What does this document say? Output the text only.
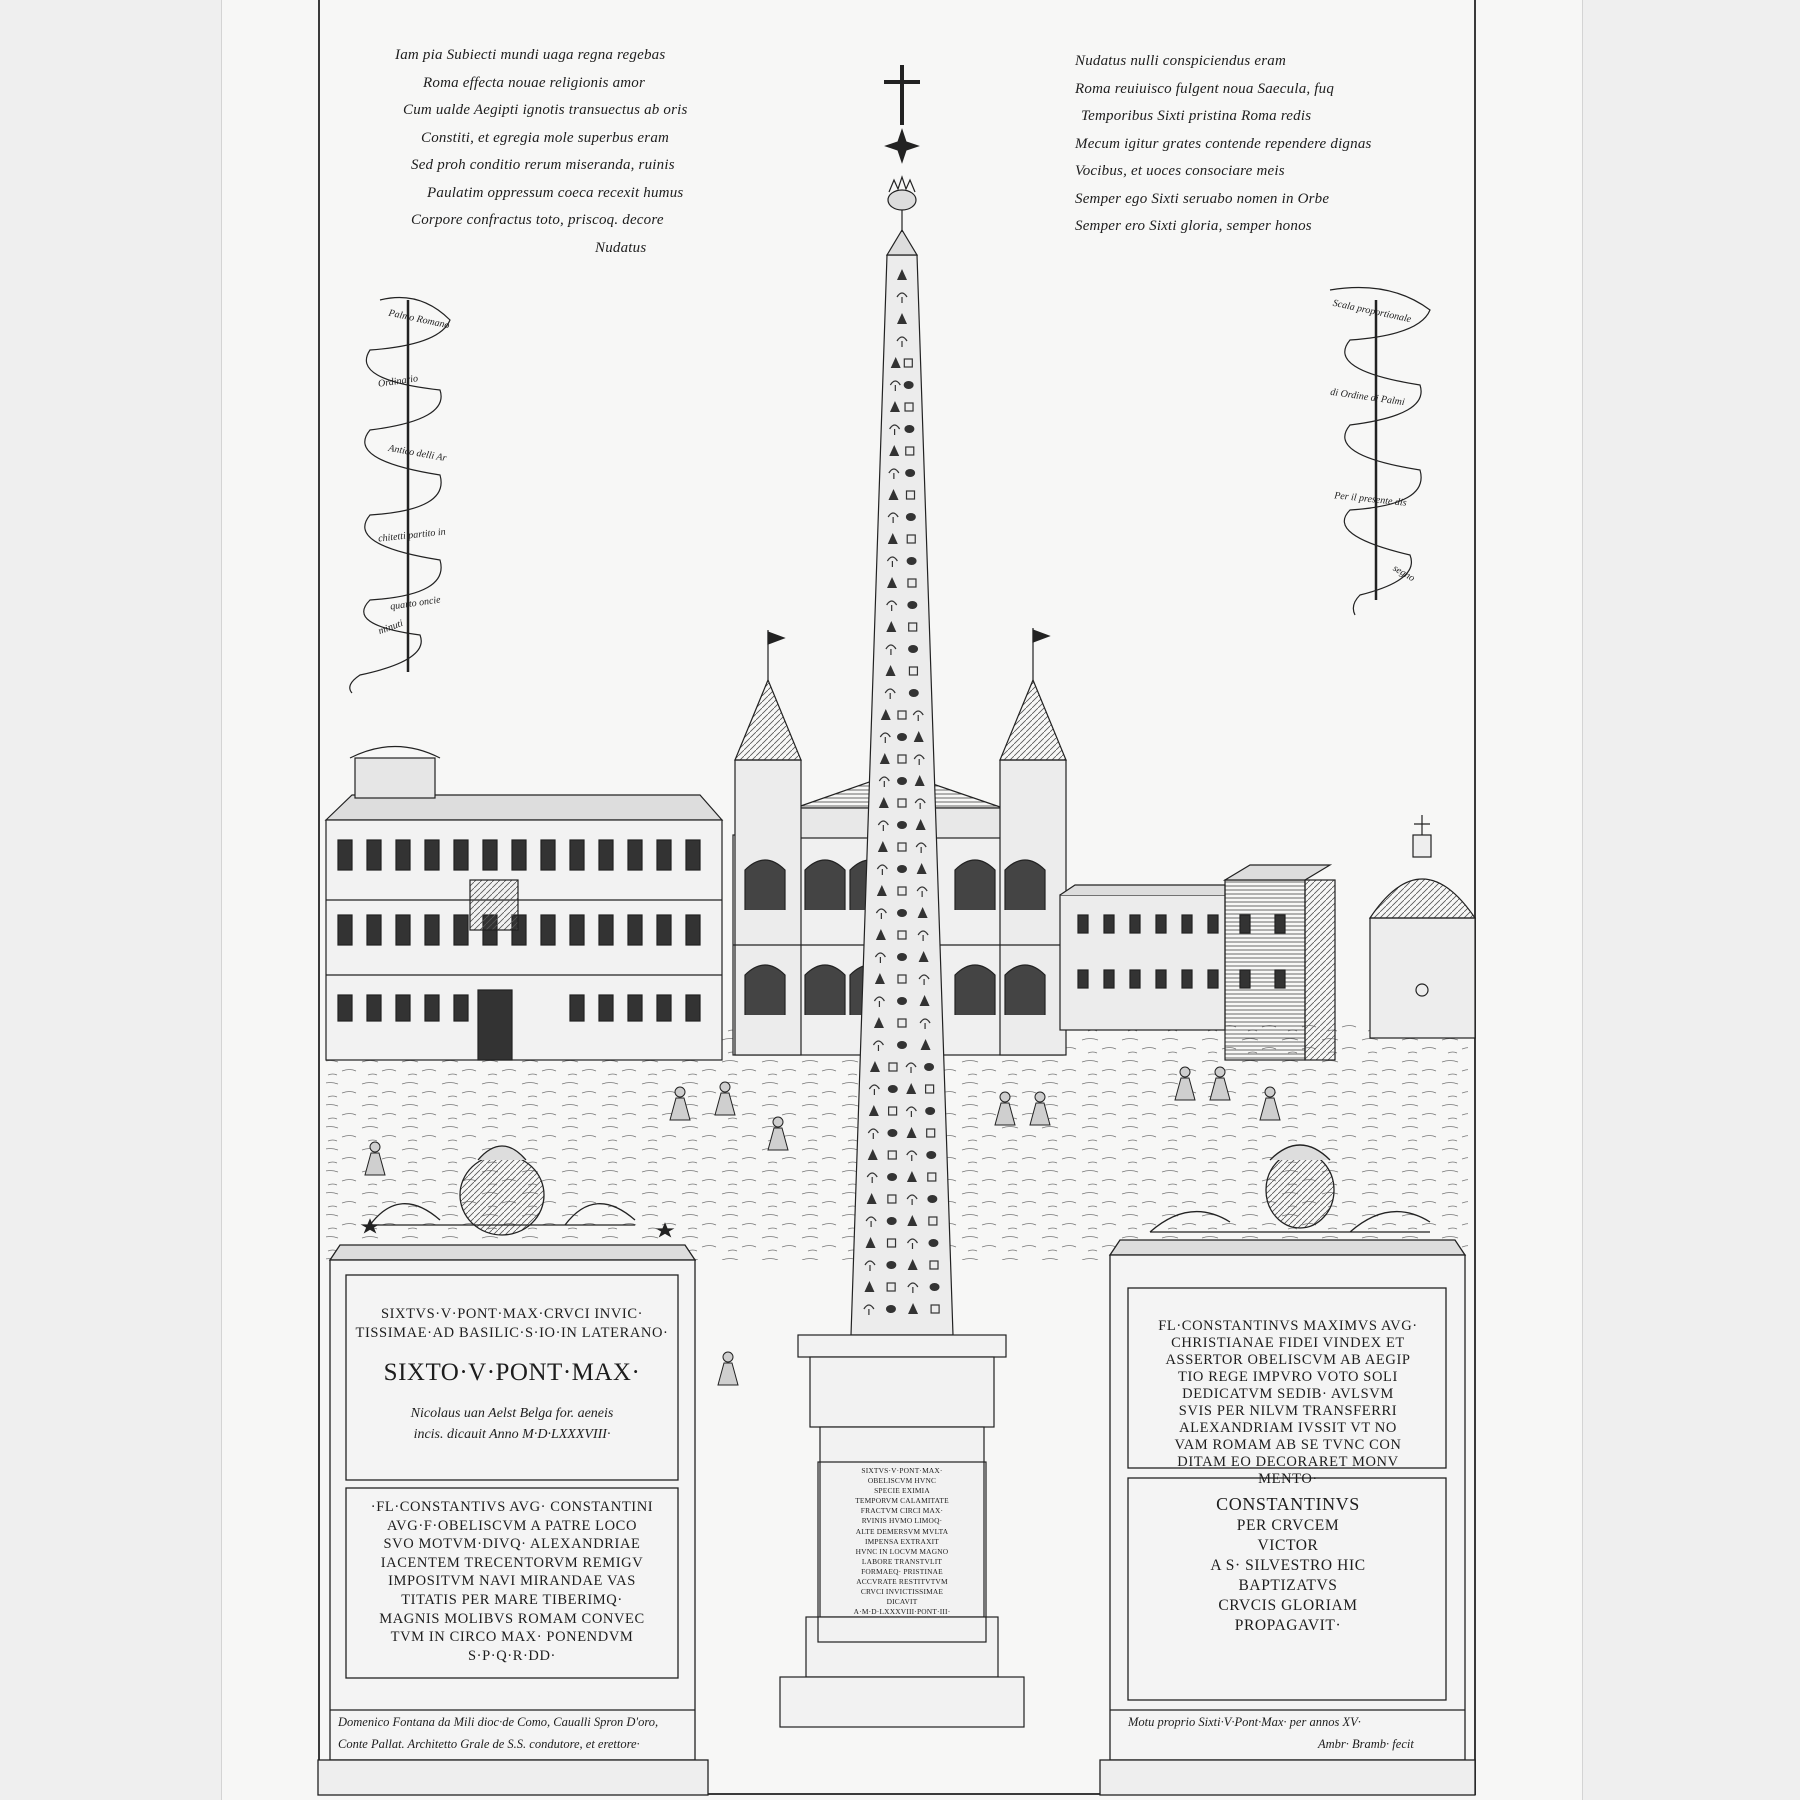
Iam pia Subiecti mundi uaga regna regebas
Roma effecta nouae religionis amor
Cum ualde Aegipti ignotis transuectus ab oris
Constiti, et egregia mole superbus eram
Sed proh conditio rerum miseranda, ruinis
Paulatim oppressum coeca recexit humus
Corpore confractus toto, priscoq. decore
Nudatus
Nudatus nulli conspiciendus eram
Roma reuiuisco fulgent noua Saecula, fuq
Temporibus Sixti pristina Roma redis
Mecum igitur grates contende rependere dignas
Vocibus, et uoces consociare meis
Semper ego Sixti seruabo nomen in Orbe
Semper ero Sixti gloria, semper honos
Palmo Romano
Ordinario
Antico delli Ar
chitetti partito in
quarto oncie
minuti
Scala proportionale
di Ordine di Palmi
Per il presente dis
segno
SIXTVS·V·PONT·MAX·CRVCI INVIC·
TISSIMAE·AD BASILIC·S·IO·IN LATERANO·
SIXTO·V·PONT·MAX·
Nicolaus uan Aelst Belga for. aeneis
incis. dicauit Anno M·D·LXXXVIII·
·FL·CONSTANTIVS AVG· CONSTANTINI
AVG·F·OBELISCVM A PATRE LOCO
SVO MOTVM·DIVQ· ALEXANDRIAE
IACENTEM TRECENTORVM REMIGV
IMPOSITVM NAVI MIRANDAE VAS
TITATIS PER MARE TIBERIMQ·
MAGNIS MOLIBVS ROMAM CONVEC
TVM IN CIRCO MAX· PONENDVM
S·P·Q·R·DD·
FL·CONSTANTINVS MAXIMVS AVG·
CHRISTIANAE FIDEI VINDEX ET
ASSERTOR OBELISCVM AB AEGIP
TIO REGE IMPVRO VOTO SOLI
DEDICATVM SEDIB· AVLSVM
SVIS PER NILVM TRANSFERRI
ALEXANDRIAM IVSSIT VT NO
VAM ROMAM AB SE TVNC CON
DITAM EO DECORARET MONV
MENTO·
CONSTANTINVS
PER CRVCEM
VICTOR
A S· SILVESTRO HIC
BAPTIZATVS
CRVCIS GLORIAM
PROPAGAVIT·
SIXTVS·V·PONT·MAX·
OBELISCVM HVNC
SPECIE EXIMIA
TEMPORVM CALAMITATE
FRACTVM CIRCI MAX·
RVINIS HVMO LIMOQ·
ALTE DEMERSVM MVLTA
IMPENSA EXTRAXIT
HVNC IN LOCVM MAGNO
LABORE TRANSTVLIT
FORMAEQ· PRISTINAE
ACCVRATE RESTITVTVM
CRVCI INVICTISSIMAE
DICAVIT
A·M·D·LXXXVIII·PONT·III·
Domenico Fontana da Mili dioc·de Como, Caualli Spron D'oro,
Conte Pallat. Architetto Grale de S.S. condutore, et erettore·
Motu proprio Sixti·V·Pont·Max· per annos XV·
Ambr· Bramb· fecit
